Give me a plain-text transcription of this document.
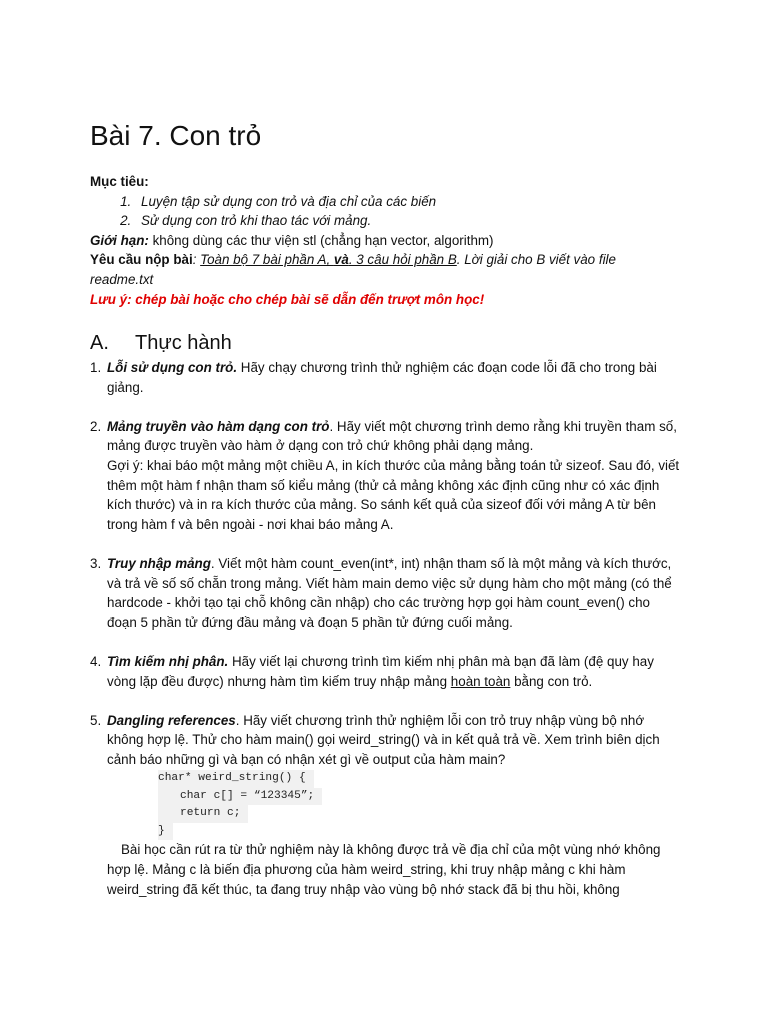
Bài 7. Con trỏ

Mục tiêu:

1. Luyện tập sử dụng con trỏ và địa chỉ của các biến
2. Sử dụng con trỏ khi thao tác với mảng.

Giới hạn: không dùng các thư viện stl (chẳng hạn vector, algorithm)

Yêu cầu nộp bài: Toàn bộ 7 bài phần A, và. 3 câu hỏi phần B. Lời giải cho B viết vào file
readme.txt

Lưu ý: chép bài hoặc cho chép bài sẽ dẫn đến trượt môn học!

A. Thực hành
1. Lỗi sử dụng con trỏ. Hãy chạy chương trình thử nghiệm các đoạn code lỗi đã cho trong bài giảng.

2. Mảng truyền vào hàm dạng con trỏ. Hãy viết một chương trình demo rằng khi truyền tham số, mảng được truyền vào hàm ở dạng con trỏ chứ không phải dạng mảng.

Gợi ý: khai báo một mảng một chiều A, in kích thước của mảng bằng toán tử sizeof. Sau đó, viết thêm một hàm f nhận tham số kiểu mảng (thử cả mảng không xác định cũng như có xác định kích thước) và in ra kích thước của mảng. So sánh kết quả của sizeof đối với mảng A từ bên trong hàm f và bên ngoài - nơi khai báo mảng A.

3. Truy nhập mảng. Viết một hàm count_even(int*, int) nhận tham số là một mảng và kích thước, và trả về số số chẵn trong mảng. Viết hàm main demo việc sử dụng hàm cho một mảng (có thể hardcode - khởi tạo tại chỗ không cần nhập) cho các trường hợp gọi hàm count_even() cho đoạn 5 phần tử đứng đầu mảng và đoạn 5 phần tử đứng cuối mảng.

4. Tìm kiếm nhị phân. Hãy viết lại chương trình tìm kiếm nhị phân mà bạn đã làm (đệ quy hay vòng lặp đều được) nhưng hàm tìm kiếm truy nhập mảng hoàn toàn bằng con trỏ.

5. Dangling references. Hãy viết chương trình thử nghiệm lỗi con trỏ truy nhập vùng bộ nhớ không hợp lệ. Thử cho hàm main() gọi weird_string() và in kết quả trả về. Xem trình biên dịch cảnh báo những gì và bạn có nhận xét gì về output của hàm main?

char* weird_string() {
char c[] = “123345”;
return c;
}

Bài học cần rút ra từ thử nghiệm này là không được trả về địa chỉ của một vùng nhớ không hợp lệ. Mảng c là biến địa phương của hàm weird_string, khi truy nhập mảng c khi hàm weird_string đã kết thúc, ta đang truy nhập vào vùng bộ nhớ stack đã bị thu hồi, không
